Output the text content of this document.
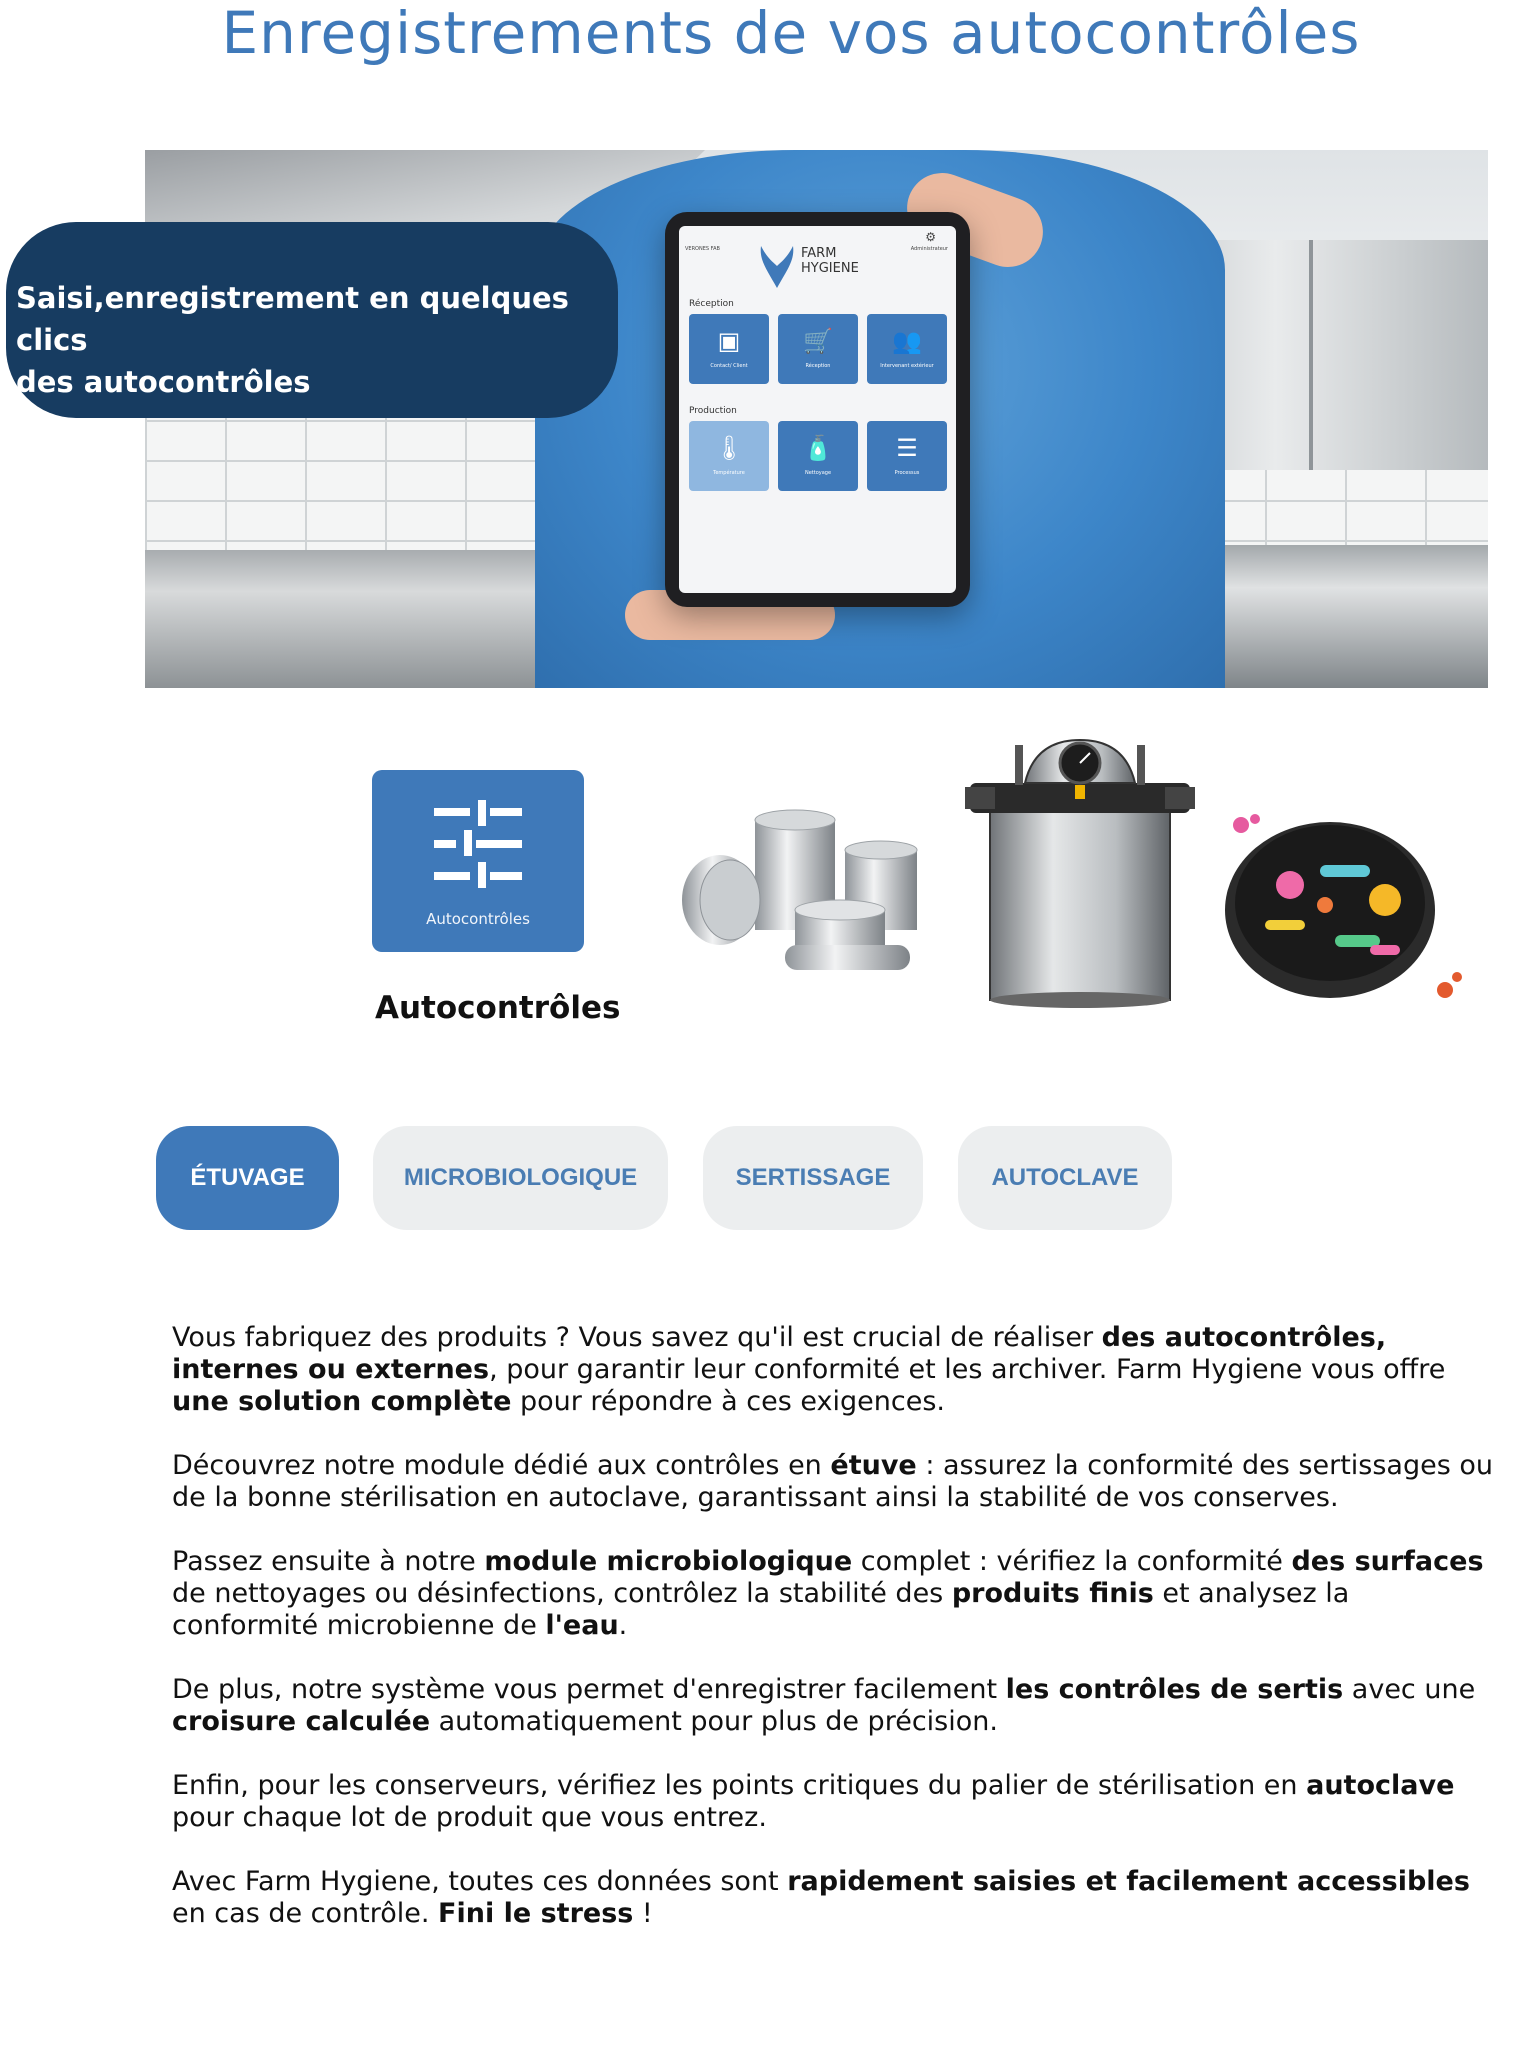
Enregistrements de vos autocontrôles
VERONES FAB	Administrateur
⚙
FARM
HYGIENE
Réception
▣
Contact/ Client
🛒
Réception
👥
Intervenant extérieur
Production
🌡
Température
🧴
Nettoyage
☰
Processus
Saisi,enregistrement en quelques clics
des autocontrôles
Autocontrôles
Autocontrôles
ÉTUVAGE	MICROBIOLOGIQUE	SERTISSAGE	AUTOCLAVE

Vous fabriquez des produits ? Vous savez qu'il est crucial de réaliser des autocontrôles, internes ou externes, pour garantir leur conformité et les archiver. Farm Hygiene vous offre une solution complète pour répondre à ces exigences.

Découvrez notre module dédié aux contrôles en étuve : assurez la conformité des sertissages ou de la bonne stérilisation en autoclave, garantissant ainsi la stabilité de vos conserves.

Passez ensuite à notre module microbiologique complet : vérifiez la conformité des surfaces de nettoyages ou désinfections, contrôlez la stabilité des produits finis et analysez la conformité microbienne de l'eau.

De plus, notre système vous permet d'enregistrer facilement les contrôles de sertis avec une croisure calculée automatiquement pour plus de précision.

Enfin, pour les conserveurs, vérifiez les points critiques du palier de stérilisation en autoclave pour chaque lot de produit que vous entrez.

Avec Farm Hygiene, toutes ces données sont rapidement saisies et facilement accessibles en cas de contrôle. Fini le stress !
